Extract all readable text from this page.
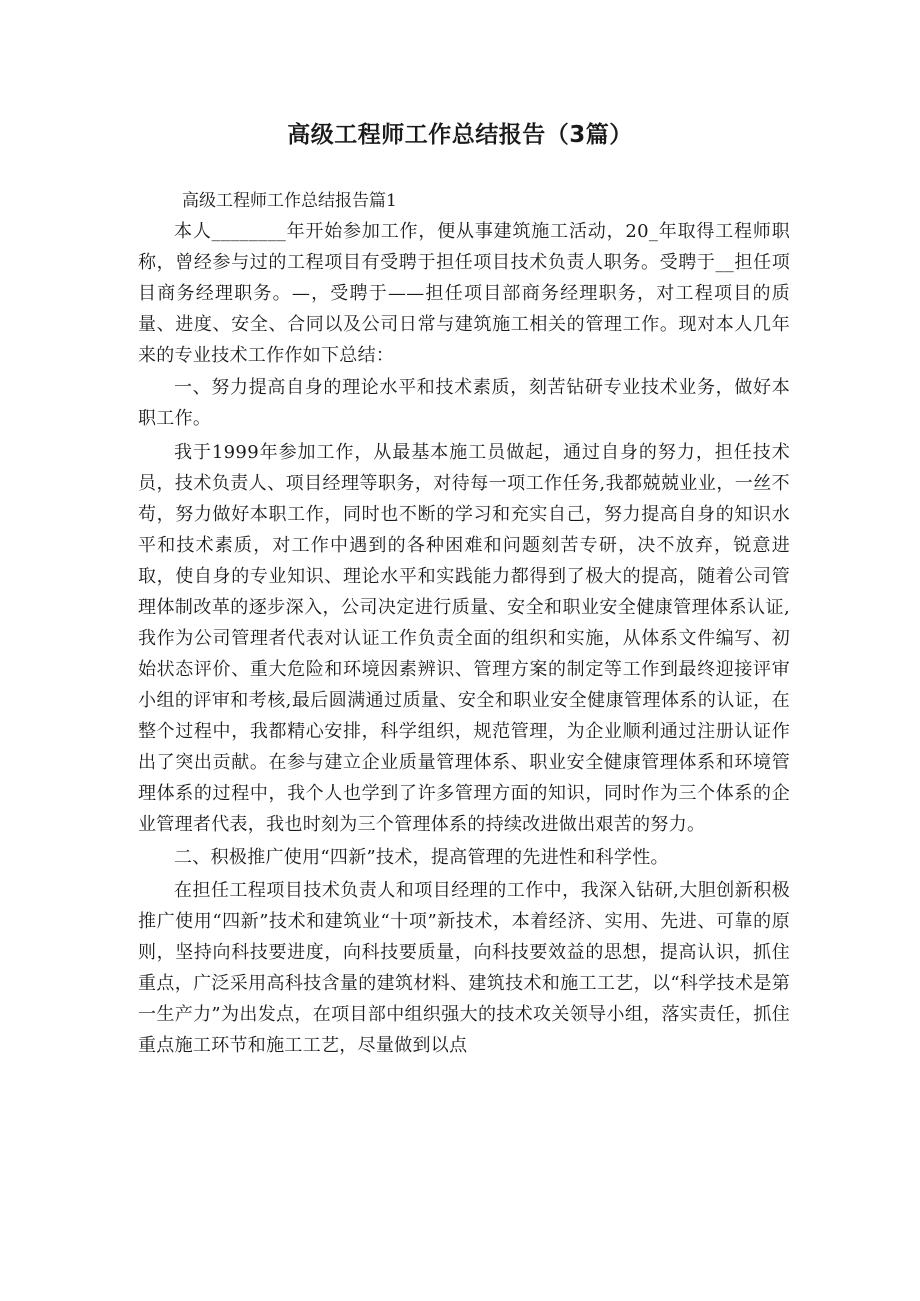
高级工程师工作总结报告（3篇）

高级工程师工作总结报告篇1

本人________年开始参加工作，便从事建筑施工活动，20_年取得工程师职称，曾经参与过的工程项目有受聘于担任项目技术负责人职务。受聘于__担任项目商务经理职务。—，受聘于——担任项目部商务经理职务，对工程项目的质量、进度、安全、合同以及公司日常与建筑施工相关的管理工作。现对本人几年来的专业技术工作作如下总结：

一、努力提高自身的理论水平和技术素质，刻苦钻研专业技术业务，做好本职工作。

我于1999年参加工作，从最基本施工员做起，通过自身的努力，担任技术员，技术负责人、项目经理等职务，对待每一项工作任务,我都兢兢业业，一丝不苟，努力做好本职工作，同时也不断的学习和充实自己，努力提高自身的知识水平和技术素质，对工作中遇到的各种困难和问题刻苦专研，决不放弃，锐意进取，使自身的专业知识、理论水平和实践能力都得到了极大的提高，随着公司管理体制改革的逐步深入，公司决定进行质量、安全和职业安全健康管理体系认证,我作为公司管理者代表对认证工作负责全面的组织和实施，从体系文件编写、初始状态评价、重大危险和环境因素辨识、管理方案的制定等工作到最终迎接评审小组的评审和考核,最后圆满通过质量、安全和职业安全健康管理体系的认证，在整个过程中，我都精心安排，科学组织，规范管理，为企业顺利通过注册认证作出了突出贡献。在参与建立企业质量管理体系、职业安全健康管理体系和环境管理体系的过程中，我个人也学到了许多管理方面的知识，同时作为三个体系的企业管理者代表，我也时刻为三个管理体系的持续改进做出艰苦的努力。

二、积极推广使用“四新”技术，提高管理的先进性和科学性。

在担任工程项目技术负责人和项目经理的工作中，我深入钻研,大胆创新积极推广使用“四新”技术和建筑业“十项”新技术，本着经济、实用、先进、可靠的原则，坚持向科技要进度，向科技要质量，向科技要效益的思想，提高认识，抓住重点，广泛采用高科技含量的建筑材料、建筑技术和施工工艺，以“科学技术是第一生产力”为出发点，在项目部中组织强大的技术攻关领导小组，落实责任，抓住重点施工环节和施工工艺，尽量做到以点
